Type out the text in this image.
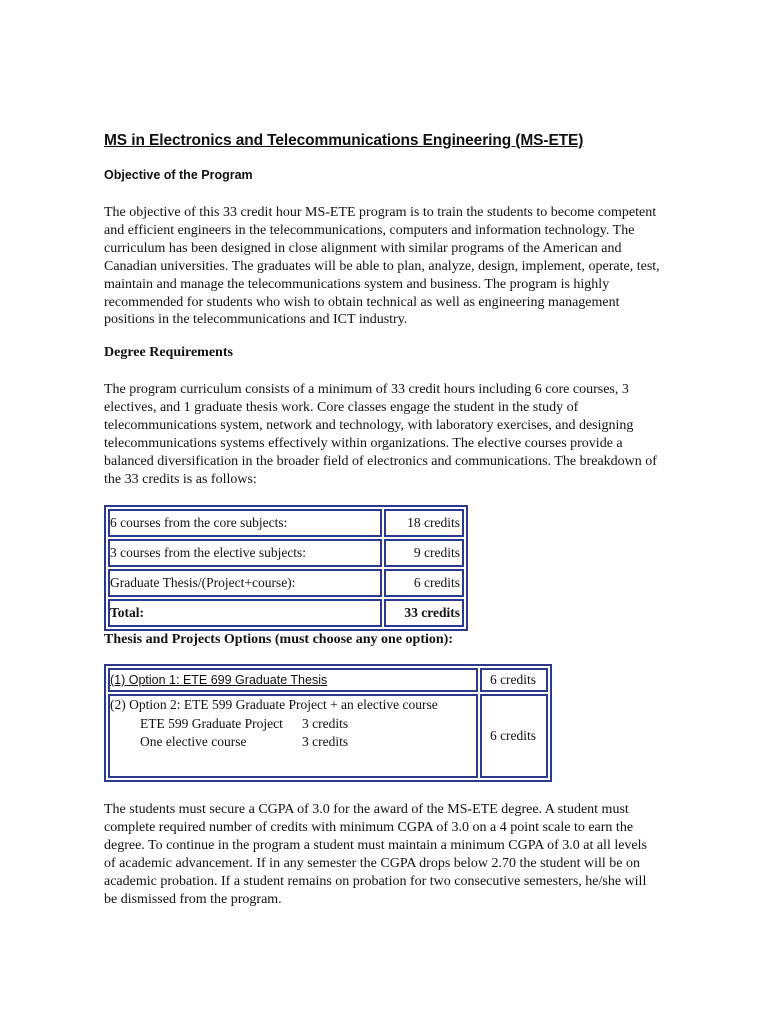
MS in Electronics and Telecommunications Engineering (MS-ETE)

Objective of the Program

The objective of this 33 credit hour MS-ETE program is to train the students to become competent and efficient engineers in the telecommunications, computers and information technology. The curriculum has been designed in close alignment with similar programs of the American and Canadian universities. The graduates will be able to plan, analyze, design, implement, operate, test, maintain and manage the telecommunications system and business. The program is highly recommended for students who wish to obtain technical as well as engineering management positions in the telecommunications and ICT industry.

Degree Requirements

The program curriculum consists of a minimum of 33 credit hours including 6 core courses, 3 electives, and 1 graduate thesis work. Core classes engage the student in the study of telecommunications system, network and technology, with laboratory exercises, and designing telecommunications systems effectively within organizations. The elective courses provide a balanced diversification in the broader field of electronics and communications. The breakdown of the 33 credits is as follows:

6 courses from the core subjects:	18 credits
3 courses from the elective subjects:	9 credits
Graduate Thesis/(Project+course):	6 credits
Total:	33 credits

Thesis and Projects Options (must choose any one option):

(1) Option 1: ETE 699 Graduate Thesis	6 credits

(2) Option 2: ETE 599 Graduate Project + an elective course
ETE 599 Graduate Project	3 credits
One elective course	3 credits
		6 credits

The students must secure a CGPA of 3.0 for the award of the MS-ETE degree. A student must complete required number of credits with minimum CGPA of 3.0 on a 4 point scale to earn the degree. To continue in the program a student must maintain a minimum CGPA of 3.0 at all levels of academic advancement. If in any semester the CGPA drops below 2.70 the student will be on academic probation. If a student remains on probation for two consecutive semesters, he/she will be dismissed from the program.
